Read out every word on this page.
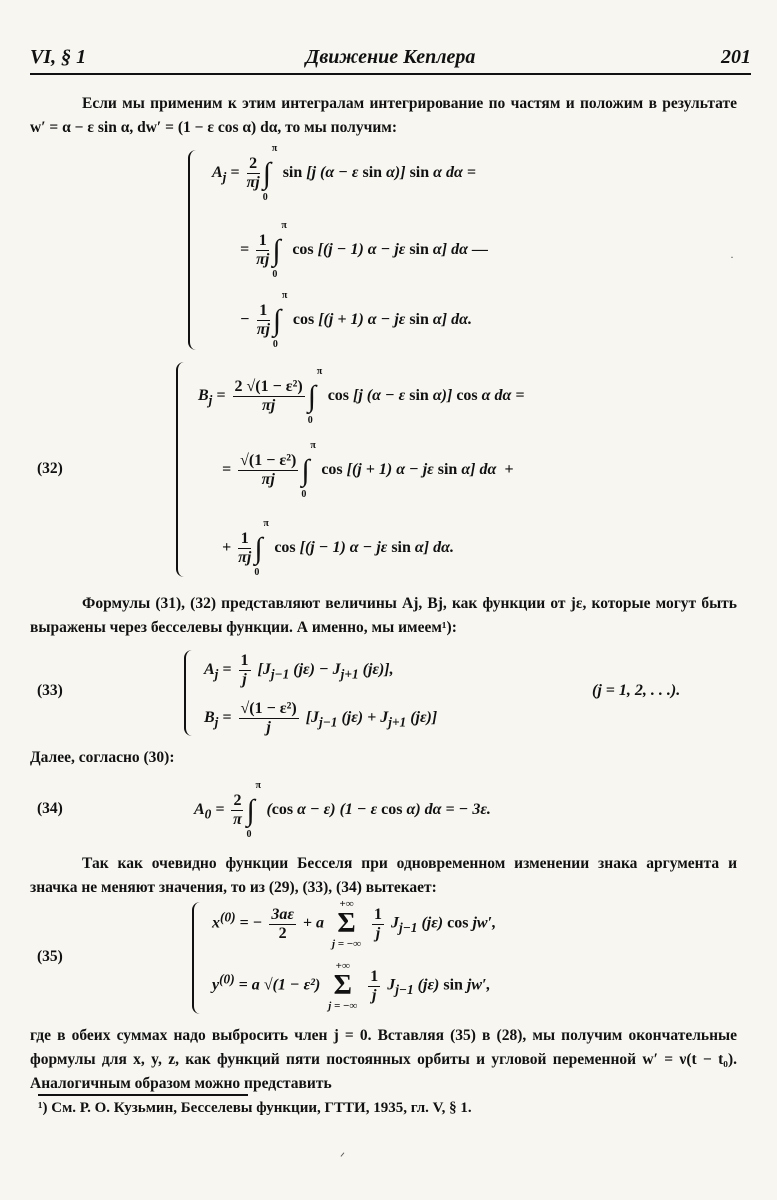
VI, § 1	Движение Кеплера	201
Если мы применим к этим интегралам интегрирование по частям и положим в результате w′ = α − ε sin α, dw′ = (1 − ε cos α) dα, то мы получим:
$A_j = \frac{2}{\pi j}$ ∫
π
0
sin [j (α − ε sin α)] sin α dα =
= $\frac{1}{\pi j}$ ∫
π
0
cos [(j − 1) α − jε sin α] dα —
− $\frac{1}{\pi j}$ ∫
π
0
cos [(j + 1) α − jε sin α] dα.
(32)
$B_j = \frac{\text{2 √(1 − ε²)}}{\pi j}$ ∫
π
0
cos [j (α − ε sin α)] cos α dα =
= $\frac{\text{√(1 − ε²)}}{\pi j}$ ∫
π
0
cos [(j + 1) α − jε sin α] dα  +
+ $\frac{1}{\pi j}$ ∫
π
0
cos [(j − 1) α − jε sin α] dα.
Формулы (31), (32) представляют величины Aj, Bj, как функции от jε, которые могут быть выражены через бесселевы функции. А именно, мы имеем¹):
(33)
$A_j = \frac{1}{j} [J_{j-1}$ $(j\varepsilon) - J_{j+1}$ (jε)],
$B_j = \frac{\text{√(1 − ε²)}}{j} [J_{j-1}$ $(j\varepsilon) + J_{j+1}$ (jε)]
(j = 1, 2, . . .).
Далее, согласно (30):
(34)	$A_0 = \frac{2}{\pi}$ ∫
π
0
(cos α − ε) (1 − ε cos α) dα = − 3ε.
Так как очевидно функции Бесселя при одновременном изменении знака аргумента и значка не меняют значения, то из (29), (33), (34) вытекает:
(35)
$x^{(0)}$ = − $\frac{3a\varepsilon}{2} + a$
+∞
Σ
j = −∞

$\frac{1}{j} J_{j-1}$ (jε) cos jw′,
$y^{(0)} = a$ √(1 − ε²)
+∞
Σ
j = −∞

$\frac{1}{j} J_{j-1}$ (jε) sin jw′,
где в обеих суммах надо выбросить член j = 0. Вставляя (35) в (28), мы получим окончательные формулы для x, y, z, как функций пяти постоянных орбиты и угловой переменной w′ = ν(t − t₀). Аналогичным образом можно представить
¹) См. Р. О. Кузьмин, Бесселевы функции, ГТТИ, 1935, гл. V, § 1.
ᐟ
·
